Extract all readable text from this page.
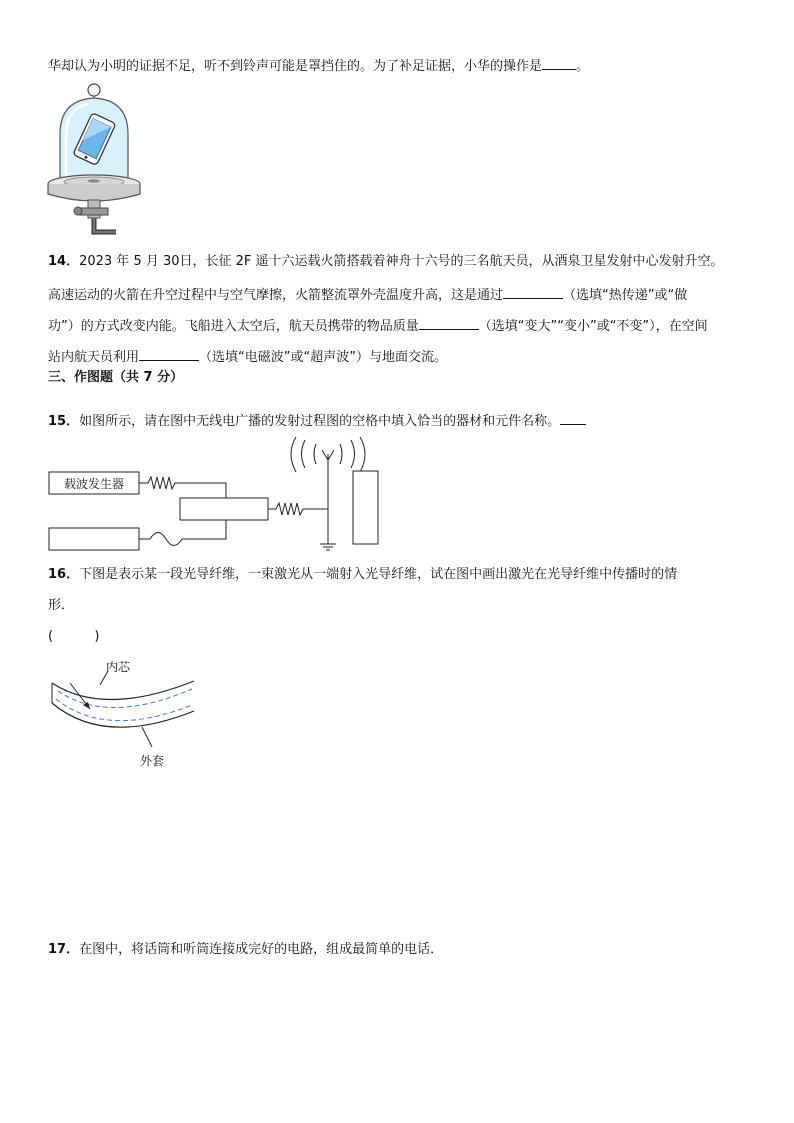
华却认为小明的证据不足，听不到铃声可能是罩挡住的。为了补足证据，小华的操作是	。
14．2023 年 5 月 30日，长征 2F 遥十六运载火箭搭载着神舟十六号的三名航天员，从酒泉卫星发射中心发射升空。
高速运动的火箭在升空过程中与空气摩擦，火箭整流罩外壳温度升高，这是通过	（选填“热传递”或“做
功”）的方式改变内能。飞船进入太空后，航天员携带的物品质量	（选填“变大”“变小”或“不变”），在空间
站内航天员利用	（选填“电磁波”或“超声波”）与地面交流。
三、作图题（共 7 分）
15．如图所示，请在图中无线电广播的发射过程图的空格中填入恰当的器材和元件名称。
载波发生器
16．下图是表示某一段光导纤维，一束激光从一端射入光导纤维，试在图中画出激光在光导纤维中传播时的情
形．
(          )
内芯
外套
17．在图中，将话筒和听筒连接成完好的电路，组成最简单的电话．
